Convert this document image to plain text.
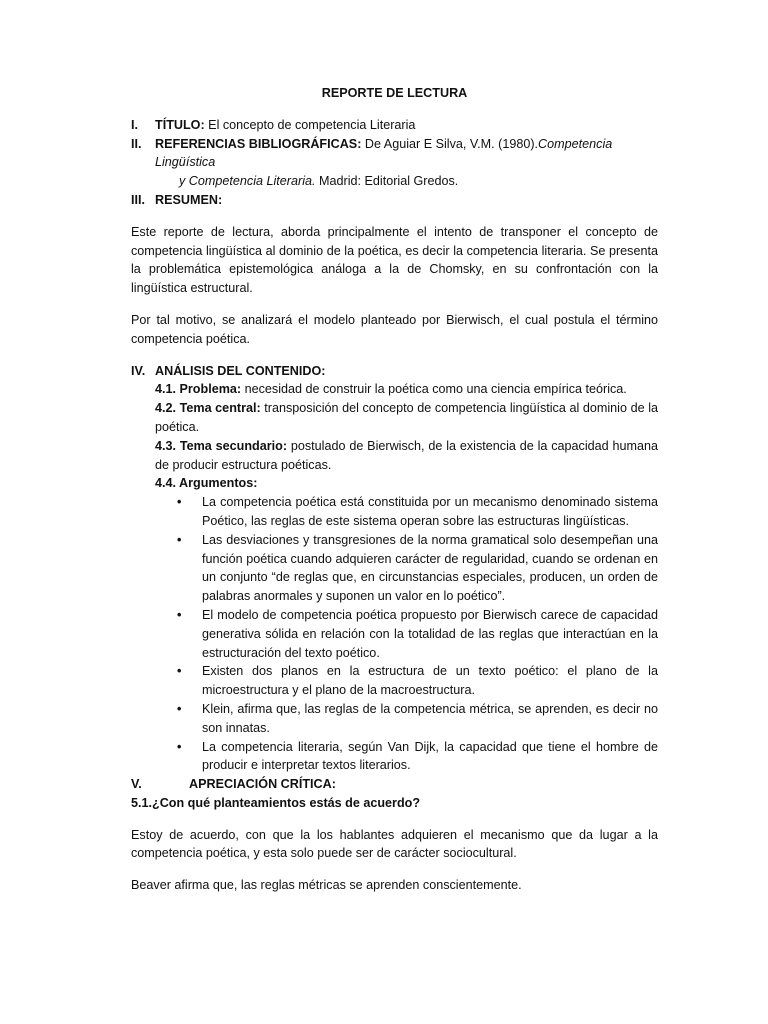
REPORTE DE LECTURA
I.	TÍTULO: El concepto de competencia Literaria
II.	REFERENCIAS BIBLIOGRÁFICAS: De Aguiar E Silva, V.M. (1980).Competencia Lingüística
y Competencia Literaria. Madrid: Editorial Gredos.
III. RESUMEN:

Este reporte de lectura, aborda principalmente el intento de transponer el concepto de competencia lingüística al dominio de la poética, es decir la competencia literaria. Se presenta la problemática epistemológica análoga a la de Chomsky, en su confrontación con la lingüística estructural.

Por tal motivo, se analizará el modelo planteado por Bierwisch, el cual postula el término competencia poética.

IV. ANÁLISIS DEL CONTENIDO:
4.1. Problema: necesidad de construir la poética como una ciencia empírica teórica.
4.2. Tema central: transposición del concepto de competencia lingüística al dominio de la poética.
4.3. Tema secundario: postulado de Bierwisch, de la existencia de la capacidad humana de producir estructura poéticas.
4.4. Argumentos:
• La competencia poética está constituida por un mecanismo denominado sistema Poético, las reglas de este sistema operan sobre las estructuras lingüísticas.
• Las desviaciones y transgresiones de la norma gramatical solo desempeñan una función poética cuando adquieren carácter de regularidad, cuando se ordenan en un conjunto “de reglas que, en circunstancias especiales, producen, un orden de palabras anormales y suponen un valor en lo poético”.
• El modelo de competencia poética propuesto por Bierwisch carece de capacidad generativa sólida en relación con la totalidad de las reglas que interactúan en la estructuración del texto poético.
• Existen dos planos en la estructura de un texto poético: el plano de la microestructura y el plano de la macroestructura.
• Klein, afirma que, las reglas de la competencia métrica, se aprenden, es decir no son innatas.
• La competencia literaria, según Van Dijk, la capacidad que tiene el hombre de producir e interpretar textos literarios.
V.	APRECIACIÓN CRÍTICA:
5.1.¿Con qué planteamientos estás de acuerdo?

Estoy de acuerdo, con que la los hablantes adquieren el mecanismo que da lugar a la competencia poética, y esta solo puede ser de carácter sociocultural.

Beaver afirma que, las reglas métricas se aprenden conscientemente.
